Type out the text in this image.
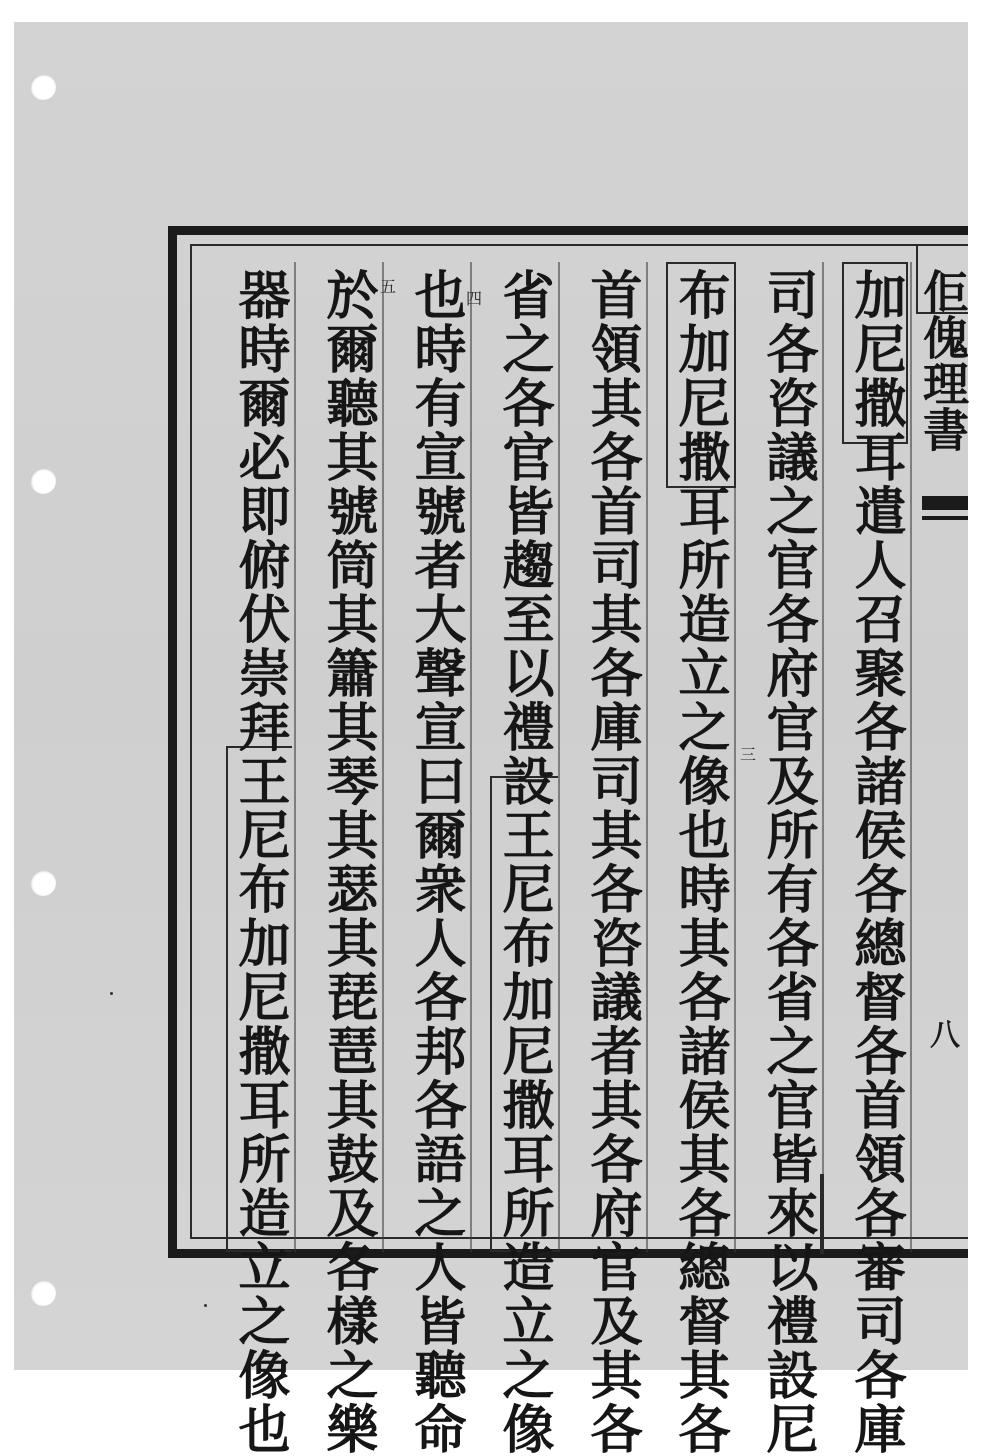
佢傀理書
八
加尼撒耳遣人召聚各諸侯各總督各首領各審司各庫
司各咨議之官各府官及所有各省之官皆來以禮設尼
布加尼撒耳所造立之像也時其各諸侯其各總督其各
首領其各首司其各庫司其各咨議者其各府官及其各
省之各官皆趨至以禮設王尼布加尼撒耳所造立之像
也時有宣號者大聲宣曰爾衆人各邦各語之人皆聽命
於爾聽其號筒其簫其琴其瑟其琵琶其鼓及各樣之樂
器時爾必即俯伏崇拜王尼布加尼撒耳所造立之像也	三
四
五
